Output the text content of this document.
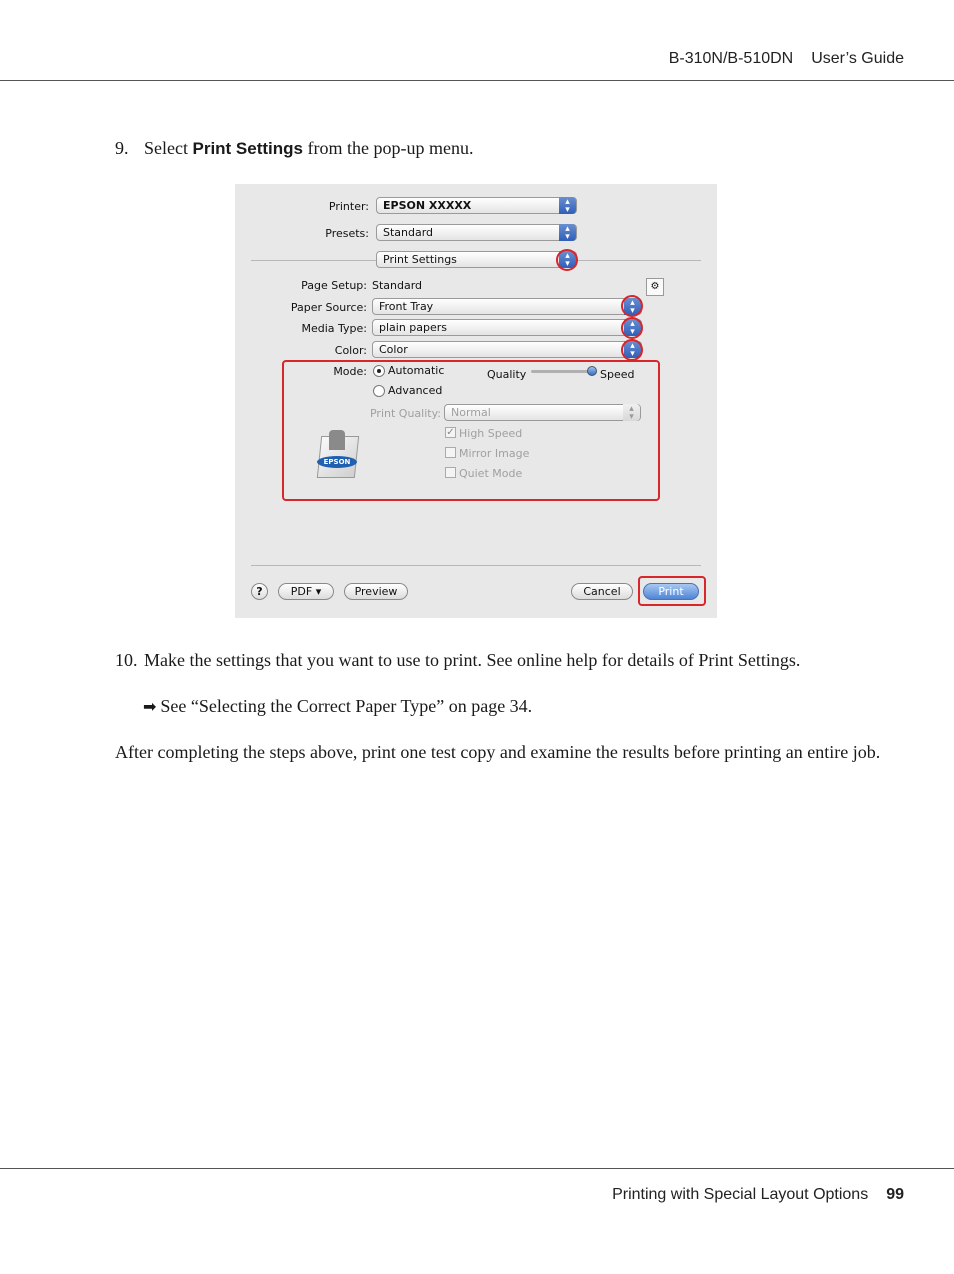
B-310N/B-510DN User’s Guide
9. Select Print Settings from the pop-up menu.
Printer:	EPSON XXXXX	▴
▾
Presets:	Standard	▴
▾
Print Settings	▴
▾
Page Setup: Standard	⚙
Paper Source:	Front Tray	▴
▾
Media Type:	plain papers	▴
▾
Color:	Color	▴
▾
Mode: Automatic
Advanced
Quality	Speed
Print Quality: Normal	▴
▾
✓ High Speed
Mirror Image
Quiet Mode
EPSON
?	PDF ▾	Preview	Cancel	Print
10. Make the settings that you want to use to print. See online help for details of Print Settings.
➡ See “Selecting the Correct Paper Type” on page 34.
After completing the steps above, print one test copy and examine the results before printing an entire job.
Printing with Special Layout Options 99
